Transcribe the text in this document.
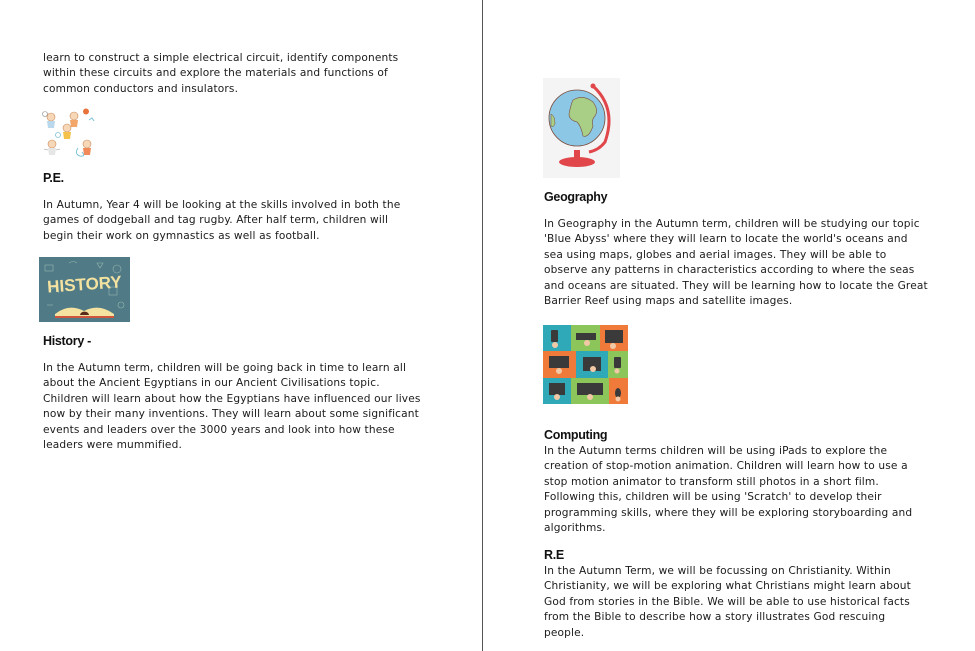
learn to construct a simple electrical circuit, identify components within these circuits and explore the materials and functions of common conductors and insulators.

P.E.

In Autumn, Year 4 will be looking at the skills involved in both the games of dodgeball and tag rugby. After half term, children will begin their work on gymnastics as well as football.

HISTORY
History -

In the Autumn term, children will be going back in time to learn all about the Ancient Egyptians in our Ancient Civilisations topic. Children will learn about how the Egyptians have influenced our lives now by their many inventions. They will learn about some significant events and leaders over the 3000 years and look into how these leaders were mummified.

Geography

In Geography in the Autumn term, children will be studying our topic 'Blue Abyss' where they will learn to locate the world's oceans and sea using maps, globes and aerial images. They will be able to observe any patterns in characteristics according to where the seas and oceans are situated. They will be learning how to locate the Great Barrier Reef using maps and satellite images.

Computing

In the Autumn terms children will be using iPads to explore the creation of stop-motion animation. Children will learn how to use a stop motion animator to transform still photos in a short film. Following this, children will be using 'Scratch' to develop their programming skills, where they will be exploring storyboarding and algorithms.

R.E

In the Autumn Term, we will be focussing on Christianity. Within Christianity, we will be exploring what Christians might learn about God from stories in the Bible. We will be able to use historical facts from the Bible to describe how a story illustrates God rescuing people.
